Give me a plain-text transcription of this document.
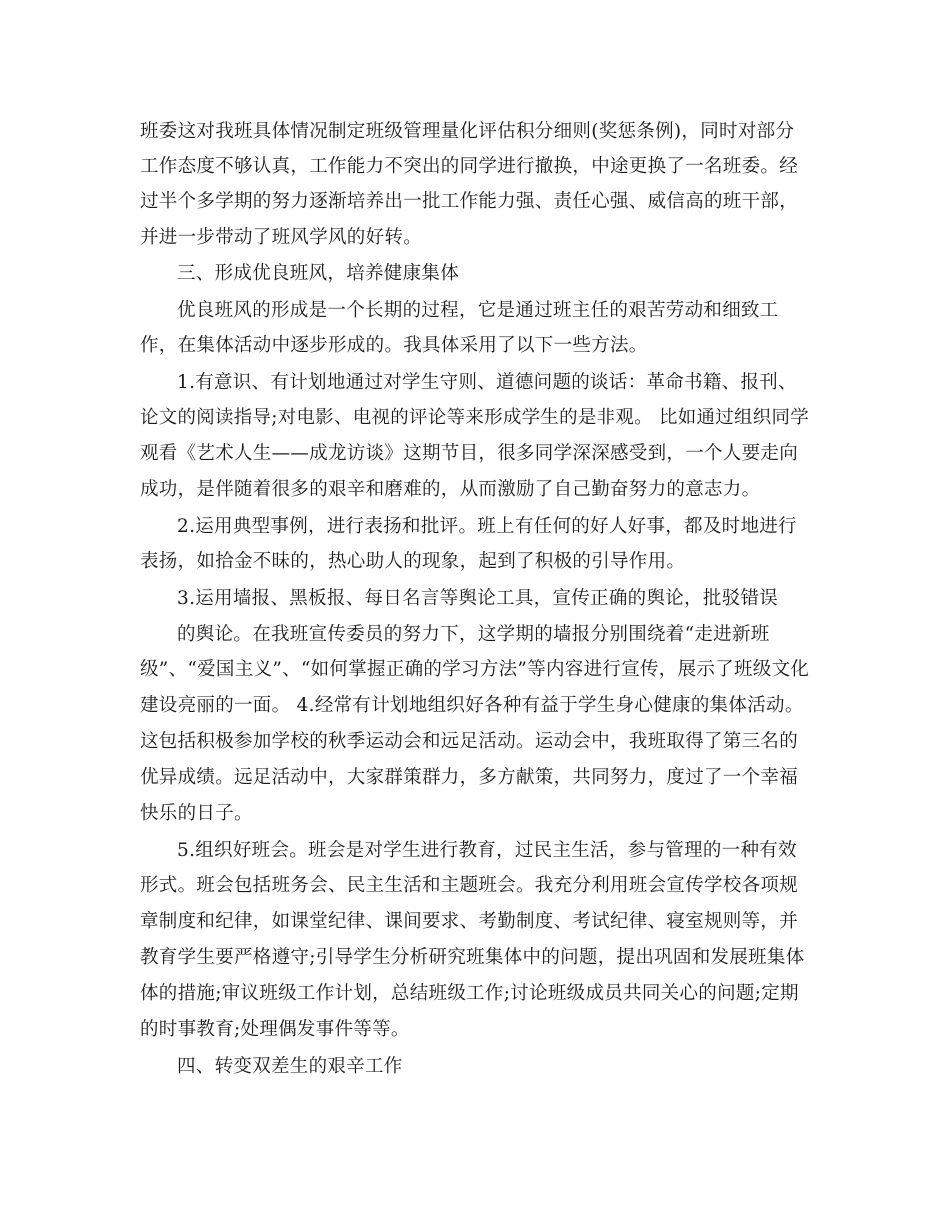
班委这对我班具体情况制定班级管理量化评估积分细则(奖惩条例)，同时对部分
工作态度不够认真，工作能力不突出的同学进行撤换，中途更换了一名班委。经
过半个多学期的努力逐渐培养出一批工作能力强、责任心强、威信高的班干部，
并进一步带动了班风学风的好转。
三、形成优良班风，培养健康集体
优良班风的形成是一个长期的过程，它是通过班主任的艰苦劳动和细致工
作，在集体活动中逐步形成的。我具体采用了以下一些方法。
1.有意识、有计划地通过对学生守则、道德问题的谈话：革命书籍、报刊、
论文的阅读指导;对电影、电视的评论等来形成学生的是非观。 比如通过组织同学
观看《艺术人生——成龙访谈》这期节目，很多同学深深感受到，一个人要走向
成功，是伴随着很多的艰辛和磨难的，从而激励了自己勤奋努力的意志力。
2.运用典型事例，进行表扬和批评。班上有任何的好人好事，都及时地进行
表扬，如拾金不昧的，热心助人的现象，起到了积极的引导作用。
3.运用墙报、黑板报、每日名言等舆论工具，宣传正确的舆论，批驳错误
的舆论。在我班宣传委员的努力下，这学期的墙报分别围绕着“走进新班
级”、“爱国主义”、“如何掌握正确的学习方法”等内容进行宣传，展示了班级文化
建设亮丽的一面。 4.经常有计划地组织好各种有益于学生身心健康的集体活动。
这包括积极参加学校的秋季运动会和远足活动。运动会中，我班取得了第三名的
优异成绩。远足活动中，大家群策群力，多方献策，共同努力，度过了一个幸福
快乐的日子。
5.组织好班会。班会是对学生进行教育，过民主生活，参与管理的一种有效
形式。班会包括班务会、民主生活和主题班会。我充分利用班会宣传学校各项规
章制度和纪律，如课堂纪律、课间要求、考勤制度、考试纪律、寝室规则等，并
教育学生要严格遵守;引导学生分析研究班集体中的问题，提出巩固和发展班集体
体的措施;审议班级工作计划，总结班级工作;讨论班级成员共同关心的问题;定期
的时事教育;处理偶发事件等等。
四、转变双差生的艰辛工作
